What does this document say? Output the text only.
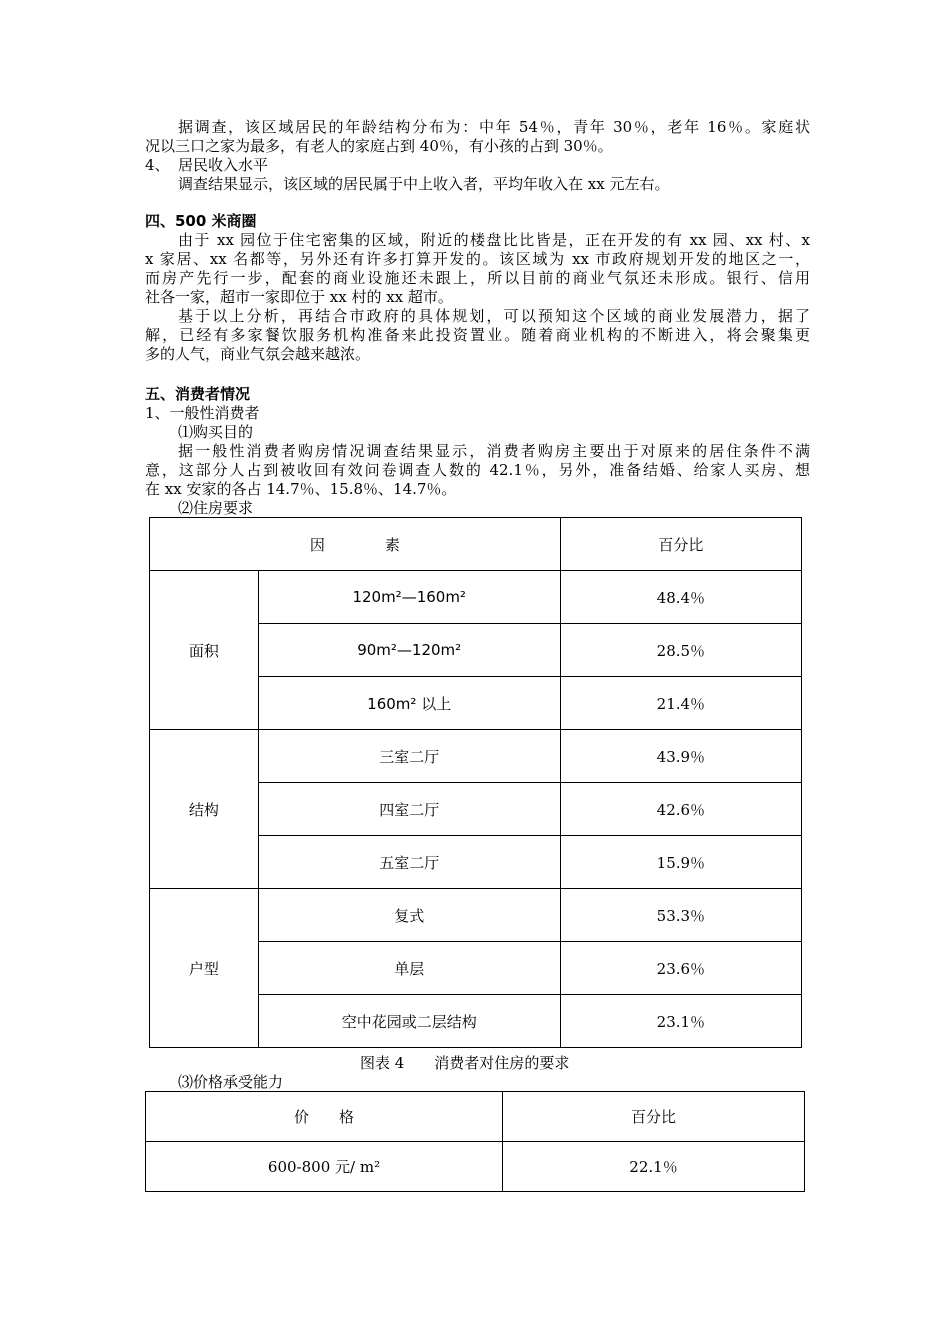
据调查，该区域居民的年龄结构分布为：中年 54％，青年 30％，老年 16％。家庭状
况以三口之家为最多，有老人的家庭占到 40％，有小孩的占到 30％。
4、 居民收入水平
调查结果显示，该区域的居民属于中上收入者，平均年收入在 xx 元左右。
四、500 米商圈
由于 xx 园位于住宅密集的区域，附近的楼盘比比皆是，正在开发的有 xx 园、xx 村、x
x 家居、xx 名都等，另外还有许多打算开发的。该区域为 xx 市政府规划开发的地区之一，
而房产先行一步，配套的商业设施还未跟上，所以目前的商业气氛还未形成。银行、信用
社各一家，超市一家即位于 xx 村的 xx 超市。
基于以上分析，再结合市政府的具体规划，可以预知这个区域的商业发展潜力，据了
解，已经有多家餐饮服务机构准备来此投资置业。随着商业机构的不断进入，将会聚集更
多的人气，商业气氛会越来越浓。
五、消费者情况
1、一般性消费者
⑴购买目的
据一般性消费者购房情况调查结果显示，消费者购房主要出于对原来的居住条件不满
意，这部分人占到被收回有效问卷调查人数的 42.1％，另外，准备结婚、给家人买房、想
在 xx 安家的各占 14.7％、15.8％、14.7％。
⑵住房要求
因　　　　素		百分比
面积	120m²—160m²	48.4％
	90m²—120m²	28.5％
	160m² 以上	21.4％
结构	三室二厅	43.9％
	四室二厅	42.6％
	五室二厅	15.9％
户型	复式	53.3％
	单层	23.6％
	空中花园或二层结构	23.1％
图表 4　　消费者对住房的要求
⑶价格承受能力
价　　格	百分比
600-800 元/ m²	22.1％
